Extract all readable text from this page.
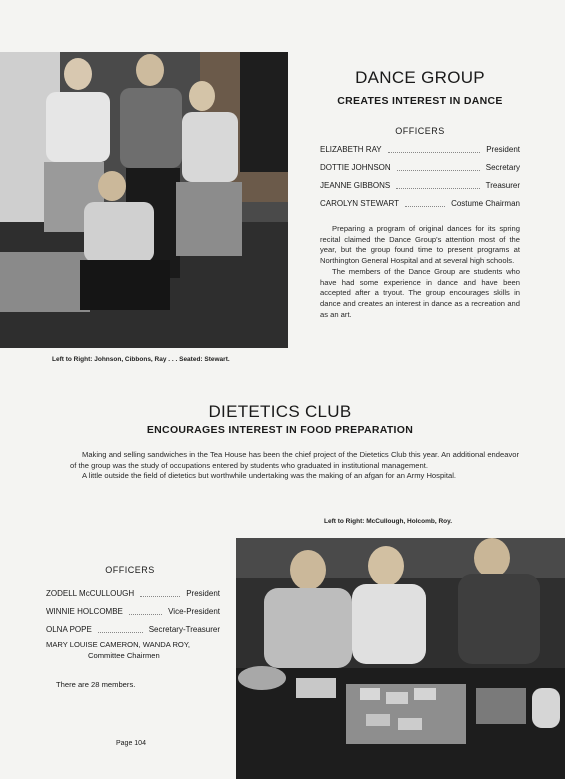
Left to Right: Johnson, Cibbons, Ray . . . Seated: Stewart.
DANCE GROUP
CREATES INTEREST IN DANCE
OFFICERS
ELIZABETH RAY	President
DOTTIE JOHNSON	Secretary
JEANNE GIBBONS	Treasurer
CAROLYN STEWART	Costume Chairman

Preparing a program of original dances for its spring recital claimed the Dance Group's attention most of the year, but the group found time to present programs at Northington General Hospital and at several high schools.

The members of the Dance Group are students who have had some experience in dance and have been accepted after a tryout. The group encourages skills in dance and creates an interest in dance as a recreation and as an art.

DIETETICS CLUB
ENCOURAGES INTEREST IN FOOD PREPARATION

Making and selling sandwiches in the Tea House has been the chief project of the Dietetics Club this year. An additional endeavor of the group was the study of occupations entered by students who graduated in institutional management.

A little outside the field of dietetics but worthwhile undertaking was the making of an afgan for an Army Hospital.

Left to Right: McCullough, Holcomb, Roy.
OFFICERS
ZODELL McCULLOUGH	President
WINNIE HOLCOMBE	Vice-President
OLNA POPE	Secretary-Treasurer
MARY LOUISE CAMERON, WANDA ROY,
Committee Chairmen
There are 28 members.
Page 104
